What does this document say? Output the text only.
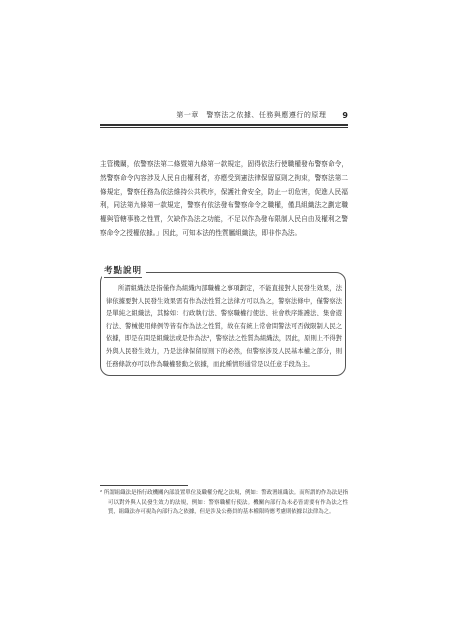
第一章　警察法之依據、任務與應遵行的原理 9

主管機關，依警察法第二條暨第九條第一款規定，固得依法行使職權發布警察命令，然警察命令內容涉及人民自由權利者，亦應受到憲法律保留原則之拘束，警察法第二條規定，警察任務為依法維持公共秩序，保護社會安全，防止一切危害，促進人民福利，同法第九條第一款規定，警察有依法發布警察命令之職權，僅具組織法之劃定職權與管轄事務之性質，欠缺作為法之功能，不足以作為發布限制人民自由及權利之警察命令之授權依據。」因此，可知本法的性質屬組織法，即非作為法。

考點說明

所謂組織法是指僅作為組織內部職權之事項劃定，不能直接對人民發生效果，法律依據要對人民發生效果需有作為法性質之法律方可以為之，警察法條中，僅警察法是單純之組織法，其餘如：行政執行法、警察職權行使法、社會秩序維護法、集會遊行法、警械使用條例等皆有作為法之性質，故在有統上常會問警法可否做限制人民之依據，即是在問是組織法或是作為法²，警察法之性質為組織法，因此，原則上不得對外與人民發生效力，乃是法律保留原則下的必然，但警察涉及人民基本權之部分，則任務條款亦可以作為職權發動之依據，而此種情形通常是以任意手段為主。

² 所謂組織法是指行政機關內部設置單位及職權分配之法規，例如：警政署組織法。而所謂的作為法是指可以對外與人民發生效力的法規，例如：警察職權行使法。機關內部行為未必皆需要有作為法之性質，組織法亦可視為內部行為之依據，但是涉及公務員的基本權限時應考慮則依據以法律為之。
